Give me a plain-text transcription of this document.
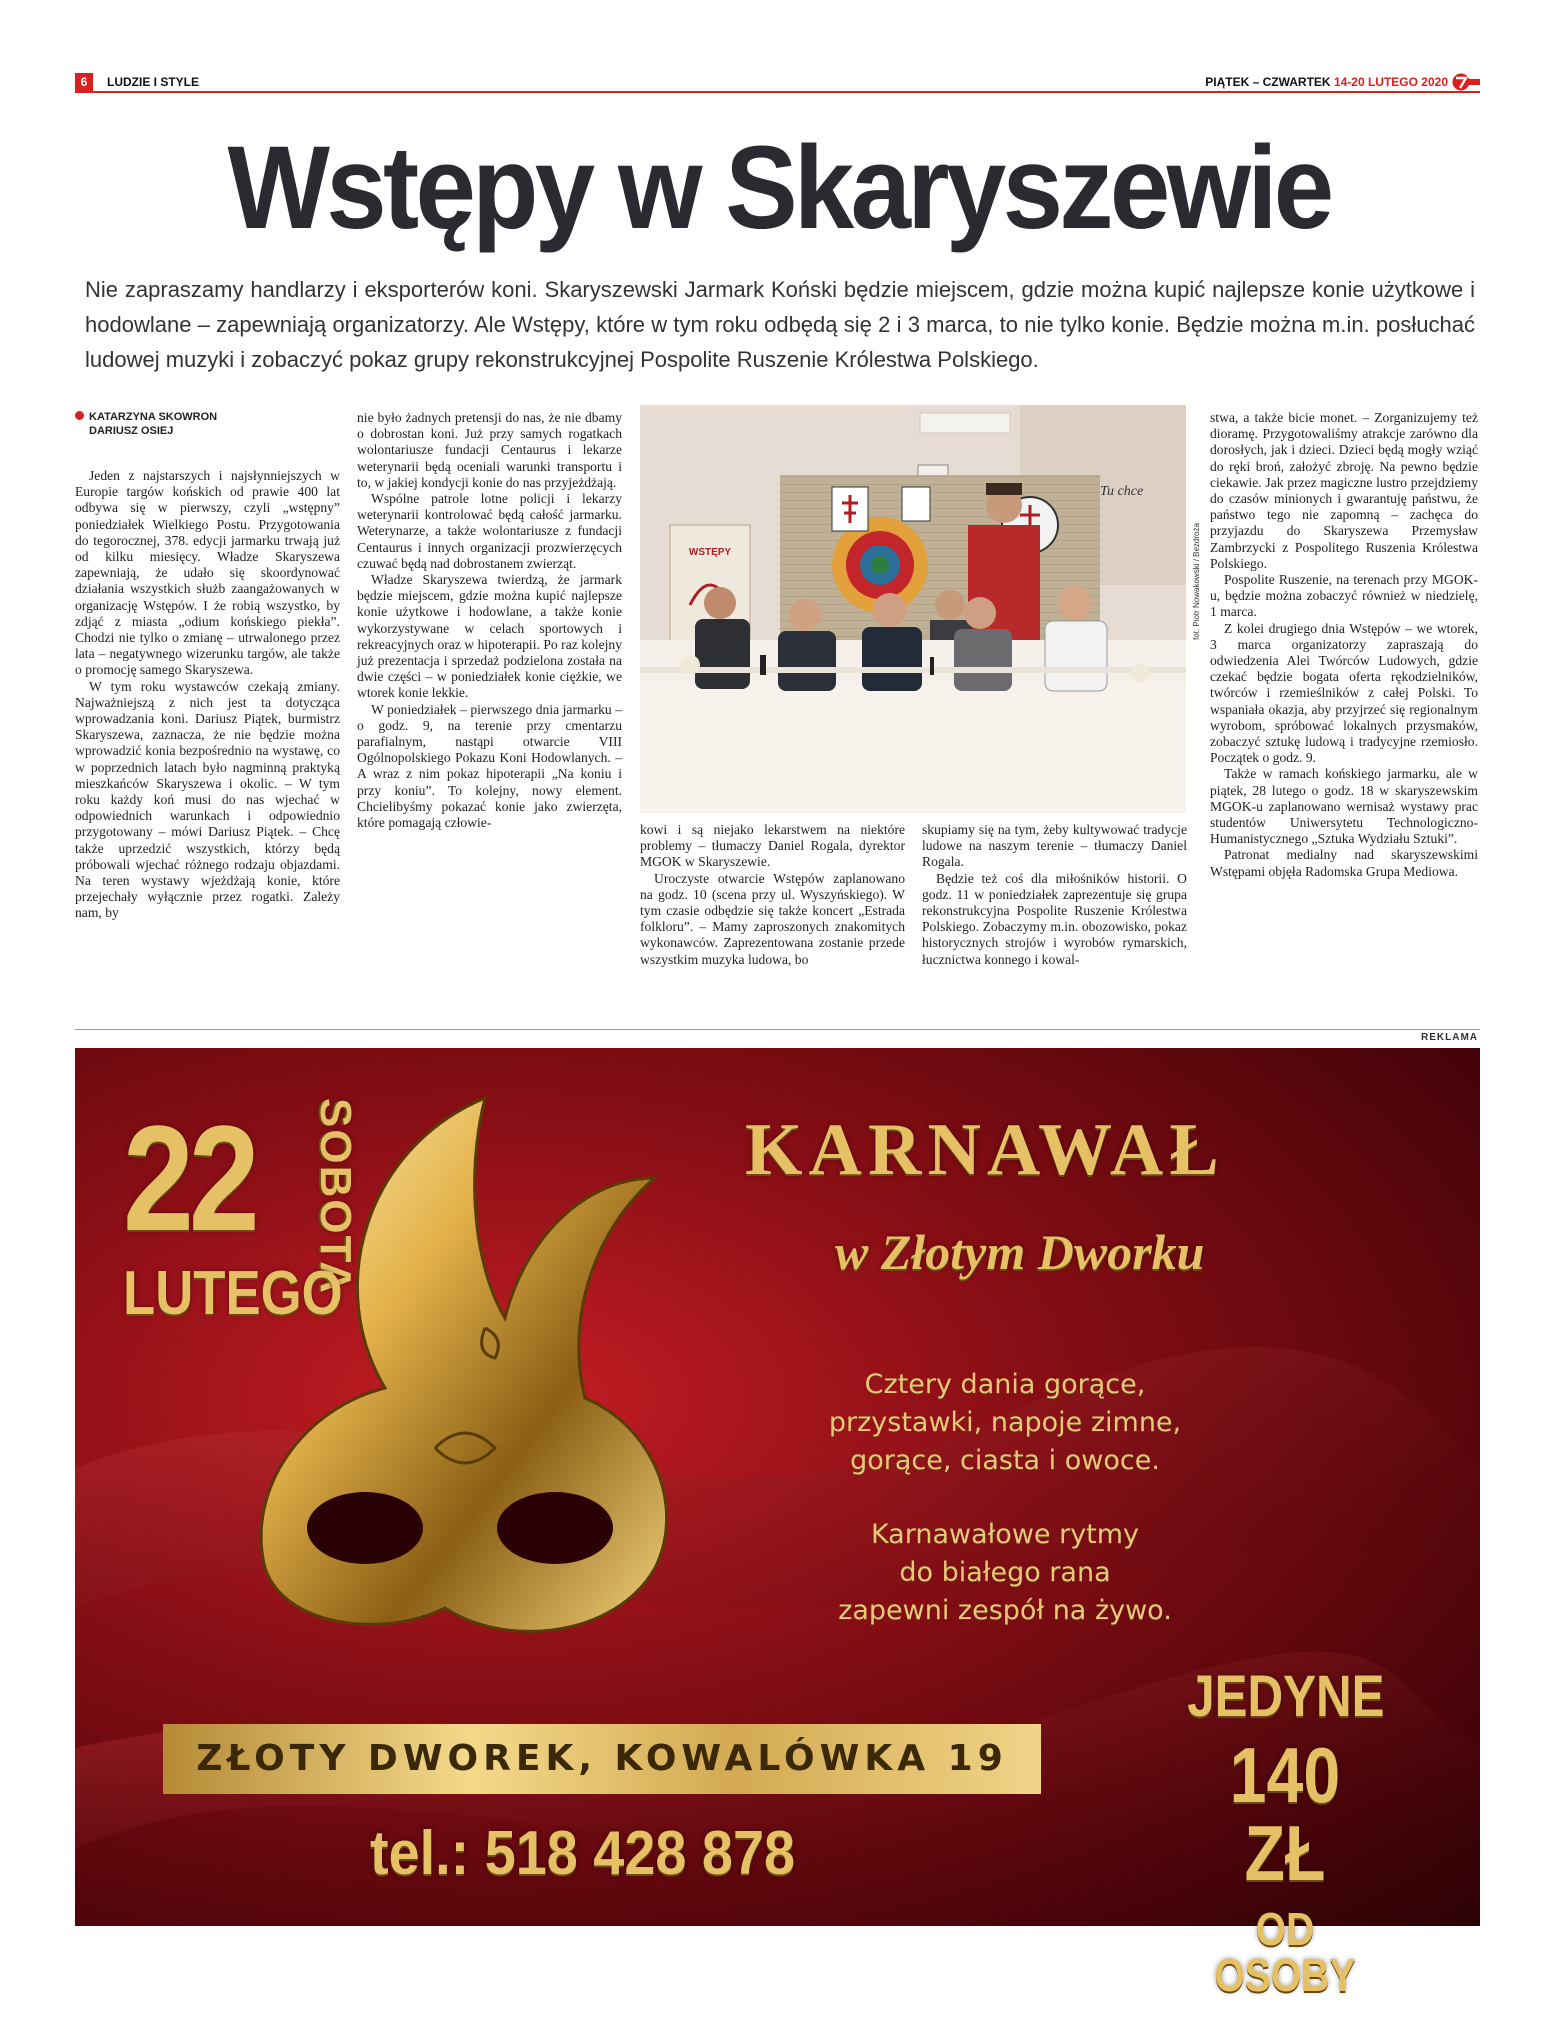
6	LUDZIE I STYLE	PIĄTEK – CZWARTEK 14-20 LUTEGO 2020
Wstępy w Skaryszewie

Nie zapraszamy handlarzy i eksporterów koni. Skaryszewski Jarmark Koński będzie miejscem, gdzie można kupić najlepsze konie użytkowe i hodowlane – zapewniają organizatorzy. Ale Wstępy, które w tym roku odbędą się 2 i 3 marca, to nie tylko konie. Będzie można m.in. posłuchać ludowej muzyki i zobaczyć pokaz grupy rekonstrukcyjnej Pospolite Ruszenie Królestwa Polskiego.

KATARZYNA SKOWRON
DARIUSZ OSIEJ

Jeden z najstarszych i najsłynniejszych w Europie targów końskich od prawie 400 lat odbywa się w pierwszy, czyli „wstępny” poniedziałek Wielkiego Postu. Przygotowania do tegorocznej, 378. edycji jarmarku trwają już od kilku miesięcy. Władze Skaryszewa zapewniają, że udało się skoordynować działania wszystkich służb zaangażowanych w organizację Wstępów. I że robią wszystko, by zdjąć z miasta „odium końskiego piekła”. Chodzi nie tylko o zmianę – utrwalonego przez lata – negatywnego wizerunku targów, ale także o promocję samego Skaryszewa.

W tym roku wystawców czekają zmiany. Najważniejszą z nich jest ta dotycząca wprowadzania koni. Dariusz Piątek, burmistrz Skaryszewa, zaznacza, że nie będzie można wprowadzić konia bezpośrednio na wystawę, co w poprzednich latach było nagminną praktyką mieszkańców Skaryszewa i okolic. – W tym roku każdy koń musi do nas wjechać w odpowiednich warunkach i odpowiednio przygotowany – mówi Dariusz Piątek. – Chcę także uprzedzić wszystkich, którzy będą próbowali wjechać różnego rodzaju objazdami. Na teren wystawy wjeżdżają konie, które przejechały wyłącznie przez rogatki. Zależy nam, by

nie było żadnych pretensji do nas, że nie dbamy o dobrostan koni. Już przy samych rogatkach wolontariusze fundacji Centaurus i lekarze weterynarii będą oceniali warunki transportu i to, w jakiej kondycji konie do nas przyjeżdżają.

Wspólne patrole lotne policji i lekarzy weterynarii kontrolować będą całość jarmarku. Weterynarze, a także wolontariusze z fundacji Centaurus i innych organizacji prozwierzęcych czuwać będą nad dobrostanem zwierząt.

Władze Skaryszewa twierdzą, że jarmark będzie miejscem, gdzie można kupić najlepsze konie użytkowe i hodowlane, a także konie wykorzystywane w celach sportowych i rekreacyjnych oraz w hipoterapii. Po raz kolejny już prezentacja i sprzedaż podzielona została na dwie części – w poniedziałek konie ciężkie, we wtorek konie lekkie.

W poniedziałek – pierwszego dnia jarmarku – o godz. 9, na terenie przy cmentarzu parafialnym, nastąpi otwarcie VIII Ogólnopolskiego Pokazu Koni Hodowlanych. – A wraz z nim pokaz hipoterapii „Na koniu i przy koniu”. To kolejny, nowy element. Chcielibyśmy pokazać konie jako zwierzęta, które pomagają człowie-	kowi i są niejako lekarstwem na niektóre problemy – tłumaczy Daniel Rogala, dyrektor MGOK w Skaryszewie.

Uroczyste otwarcie Wstępów zaplanowano na godz. 10 (scena przy ul. Wyszyńskiego). W tym czasie odbędzie się także koncert „Estrada folkloru”. – Mamy zaproszonych znakomitych wykonawców. Zaprezentowana zostanie przede wszystkim muzyka ludowa, bo

skupiamy się na tym, żeby kultywować tradycje ludowe na naszym terenie – tłumaczy Daniel Rogala.

Będzie też coś dla miłośników historii. O godz. 11 w poniedziałek zaprezentuje się grupa rekonstrukcyjna Pospolite Ruszenie Królestwa Polskiego. Zobaczymy m.in. obozowisko, pokaz historycznych strojów i wyrobów rymarskich, łucznictwa konnego i kowal-

stwa, a także bicie monet. – Zorganizujemy też dioramę. Przygotowaliśmy atrakcje zarówno dla dorosłych, jak i dzieci. Dzieci będą mogły wziąć do ręki broń, założyć zbroję. Na pewno będzie ciekawie. Jak przez magiczne lustro przejdziemy do czasów minionych i gwarantuję państwu, że państwo tego nie zapomną – zachęca do przyjazdu do Skaryszewa Przemysław Zambrzycki z Pospolitego Ruszenia Królestwa Polskiego.

Pospolite Ruszenie, na terenach przy MGOK-u, będzie można zobaczyć również w niedzielę, 1 marca.

Z kolei drugiego dnia Wstępów – we wtorek, 3 marca organizatorzy zapraszają do odwiedzenia Alei Twórców Ludowych, gdzie czekać będzie bogata oferta rękodzielników, twórców i rzemieślników z całej Polski. To wspaniała okazja, aby przyjrzeć się regionalnym wyrobom, spróbować lokalnych przysmaków, zobaczyć sztukę ludową i tradycyjne rzemiosło. Początek o godz. 9.

Także w ramach końskiego jarmarku, ale w piątek, 28 lutego o godz. 18 w skaryszewskim MGOK-u zaplanowano wernisaż wystawy prac studentów Uniwersytetu Technologiczno-Humanistycznego „Sztuka Wydziału Sztuki”.

Patronat medialny nad skaryszewskimi Wstępami objęła Radomska Grupa Mediowa.

WSTĘPY
Tu chce
fot. Piotr Nowakowski / Bezdroża
REKLAMA
22 SOBOTA
LUTEGO
KARNAWAŁ
w Złotym Dworku
Cztery dania gorące,
przystawki, napoje zimne,
gorące, ciasta i owoce.
Karnawałowe rytmy
do białego rana
zapewni zespół na żywo.
JEDYNE
140 ZŁ
OD OSOBY
ZŁOTY DWOREK, KOWALÓWKA 19
tel.: 518 428 878
